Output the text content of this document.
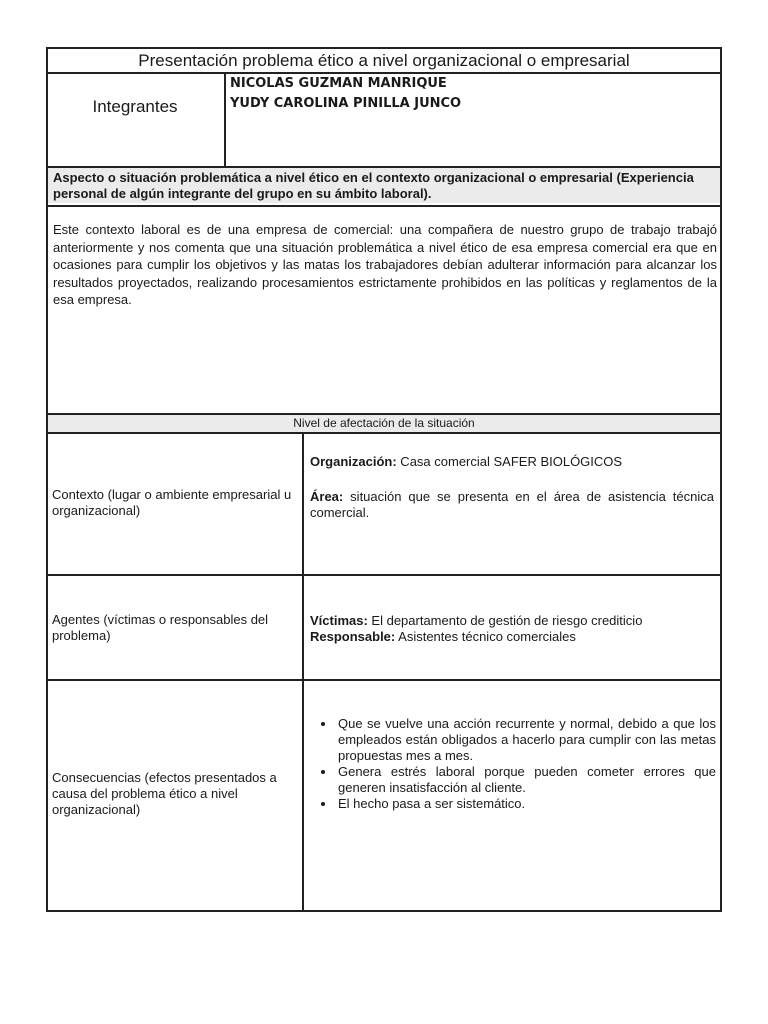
Presentación problema ético a nivel organizacional o empresarial
Integrantes
NICOLAS GUZMAN MANRIQUE
YUDY CAROLINA PINILLA JUNCO
Aspecto o situación problemática a nivel ético en el contexto organizacional o empresarial (Experiencia personal de algún integrante del grupo en su ámbito laboral).
Este contexto laboral es de una empresa de comercial: una compañera de nuestro grupo de trabajo trabajó anteriormente y nos comenta que una situación problemática a nivel ético de esa empresa comercial era que en ocasiones para cumplir los objetivos y las matas los trabajadores debían adulterar información para alcanzar los resultados proyectados, realizando procesamientos estrictamente prohibidos en las políticas y reglamentos de la esa empresa.
Nivel de afectación de la situación
Contexto (lugar o ambiente empresarial u organizacional)
Organización: Casa comercial SAFER BIOLÓGICOS
Área: situación que se presenta en el área de asistencia técnica comercial.
Agentes (víctimas o responsables del problema)
Víctimas: El departamento de gestión de riesgo crediticio
Responsable: Asistentes técnico comerciales
Consecuencias (efectos presentados a causa del problema ético a nivel organizacional)
• Que se vuelve una acción recurrente y normal, debido a que los empleados están obligados a hacerlo para cumplir con las metas propuestas mes a mes.
• Genera estrés laboral porque pueden cometer errores que generen insatisfacción al cliente.
• El hecho pasa a ser sistemático.
